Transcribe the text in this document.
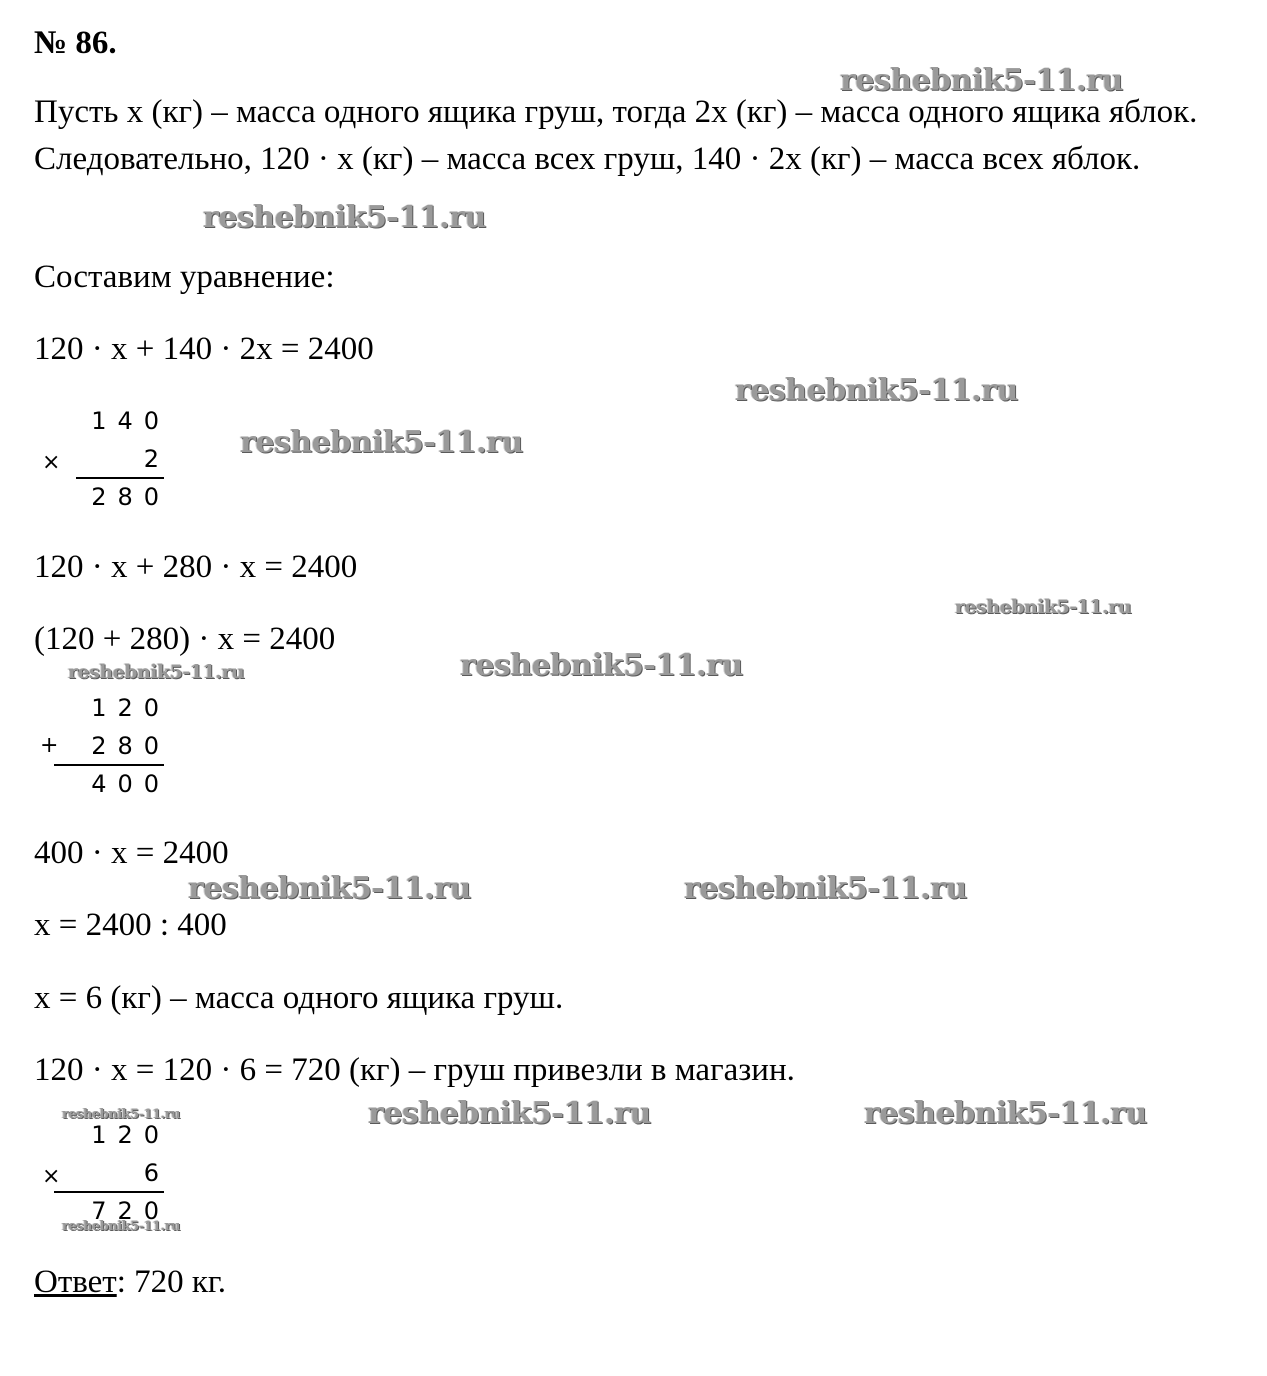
№ 86.
Пусть x (кг) – масса одного ящика груш, тогда 2x (кг) – масса одного ящика яблок. Следовательно, 120 · x (кг) – масса всех груш, 140 · 2x (кг) – масса всех яблок.
Составим уравнение:
120 · x + 140 · 2x = 2400
140
×	2
280
120 · x + 280 · x = 2400
(120 + 280) · x = 2400
120
+ 280
400
400 · x = 2400
x = 2400 : 400
x = 6 (кг) – масса одного ящика груш.
120 · x = 120 · 6 = 720 (кг) – груш привезли в магазин.
120
×	6
720
Ответ: 720 кг.
reshebnik5-11.ru
reshebnik5-11.ru
reshebnik5-11.ru
reshebnik5-11.ru
reshebnik5-11.ru
reshebnik5-11.ru	reshebnik5-11.ru
reshebnik5-11.ru	reshebnik5-11.ru
reshebnik5-11.ru	reshebnik5-11.ru
reshebnik5-11.ru
reshebnik5-11.ru
